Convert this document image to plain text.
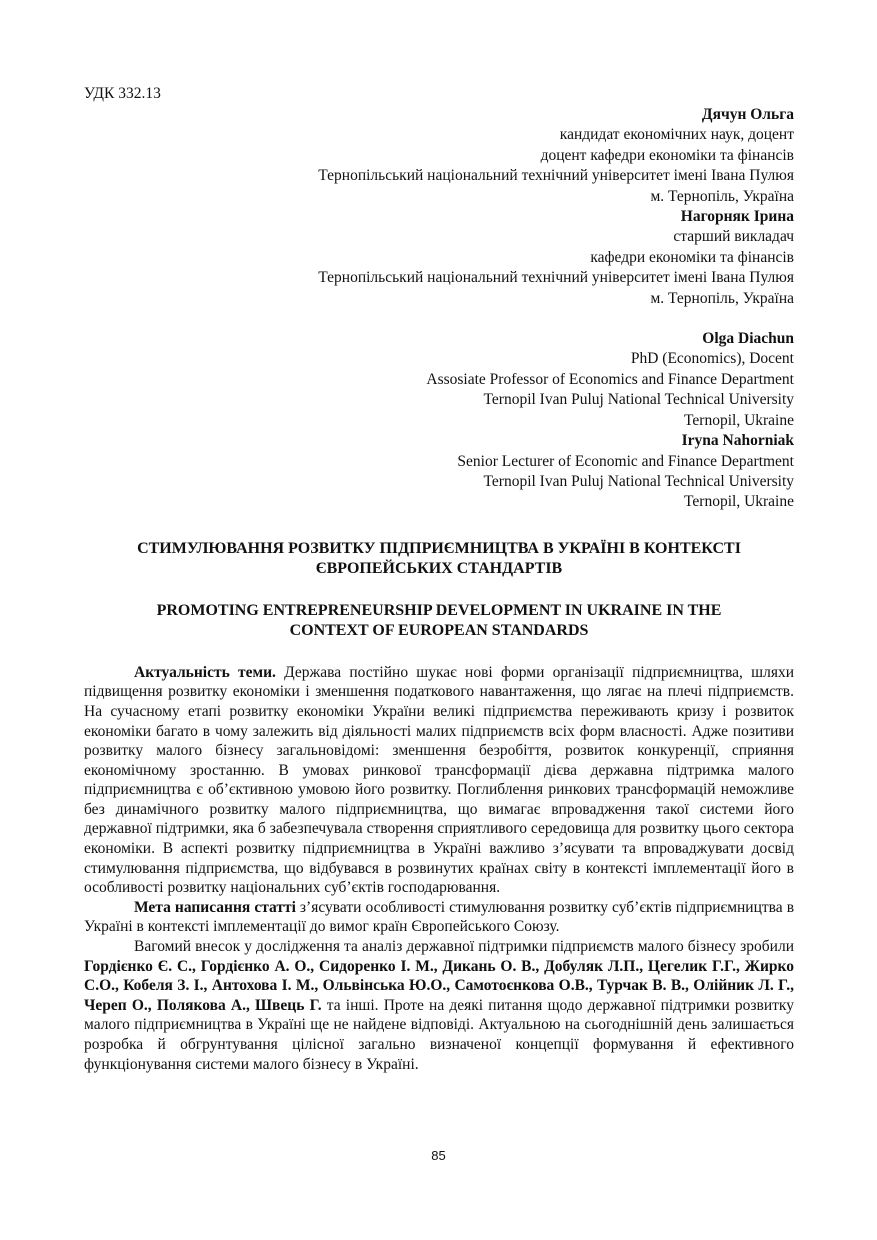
УДК 332.13

Дячун Ольга

кандидат економічних наук, доцент

доцент кафедри економіки та фінансів

Тернопільський національний технічний університет імені Івана Пулюя

м. Тернопіль, Україна

Нагорняк Ірина

старший викладач

кафедри економіки та фінансів

Тернопільський національний технічний університет імені Івана Пулюя

м. Тернопіль, Україна

Olga Diachun

PhD (Economics), Docent

Assosiate Professor of Economics and Finance Department

Ternopil Ivan Puluj National Technical University

Ternopil, Ukraine

Iryna Nahorniak

Senior Lecturer of Economic and Finance Department

Ternopil Ivan Puluj National Technical University

Ternopil, Ukraine

СТИМУЛЮВАННЯ РОЗВИТКУ ПІДПРИЄМНИЦТВА В УКРАЇНІ В КОНТЕКСТІ ЄВРОПЕЙСЬКИХ СТАНДАРТІВ
PROMOTING ENTREPRENEURSHIP DEVELOPMENT IN UKRAINE IN THE CONTEXT OF EUROPEAN STANDARDS

Актуальність теми. Держава постійно шукає нові форми організації підприємництва, шляхи підвищення розвитку економіки і зменшення податкового навантаження, що лягає на плечі підприємств. На сучасному етапі розвитку економіки України великі підприємства переживають кризу і розвиток економіки багато в чому залежить від діяльності малих підприємств всіх форм власності. Адже позитиви розвитку малого бізнесу загальновідомі: зменшення безробіття, розвиток конкуренції, сприяння економічному зростанню. В умовах ринкової трансформації дієва державна підтримка малого підприємництва є об’єктивною умовою його розвитку. Поглиблення ринкових трансформацій неможливе без динамічного розвитку малого підприємництва, що вимагає впровадження такої системи його державної підтримки, яка б забезпечувала створення сприятливого середовища для розвитку цього сектора економіки. В аспекті розвитку підприємництва в Україні важливо з’ясувати та впроваджувати досвід стимулювання підприємства, що відбувався в розвинутих країнах світу в контексті імплементації його в особливості розвитку національних суб’єктів господарювання.

Мета написання статті з’ясувати особливості стимулювання розвитку суб’єктів підприємництва в Україні в контексті імплементації до вимог країн Європейського Союзу.

Вагомий внесок у дослідження та аналіз державної підтримки підприємств малого бізнесу зробили Гордієнко Є. С., Гордієнко А. О., Сидоренко І. М., Дикань О. В., Добуляк Л.П., Цегелик Г.Г., Жирко С.О., Кобеля З. І., Антохова І. М., Ольвінська Ю.О., Самотоєнкова О.В., Турчак В. В., Олійник Л. Г., Череп О., Полякова А., Швець Г. та інші. Проте на деякі питання щодо державної підтримки розвитку малого підприємництва в Україні ще не найдене відповіді. Актуальною на сьогоднішній день залишається розробка й обгрунтування цілісної загально визначеної концепції формування й ефективного функціонування системи малого бізнесу в Україні.

85
